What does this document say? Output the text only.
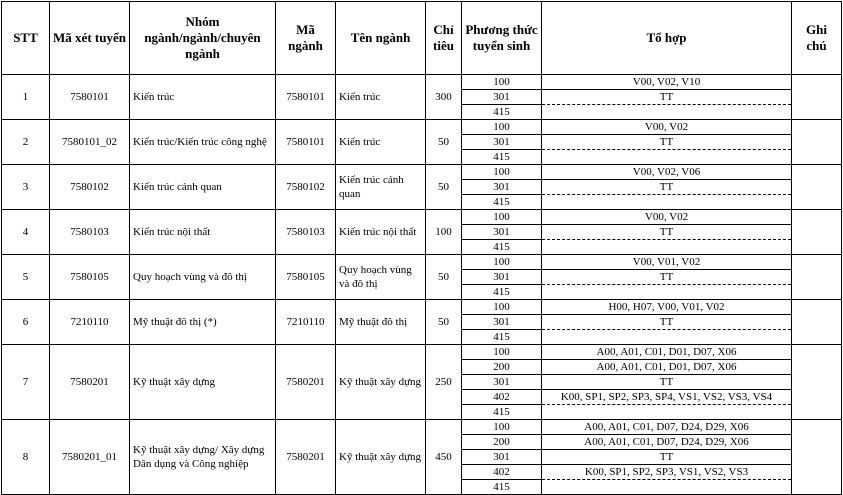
STT	Mã xét tuyển	Nhóm ngành/ngành/chuyên ngành	Mã ngành	Tên ngành	Chỉ tiêu	Phương thức tuyển sinh	Tổ hợp	Ghi chú
1	7580101	Kiến trúc	7580101	Kiến trúc	300	100	V00, V02, V10	
						301	TT	
						415		
2	7580101_02	Kiến trúc/Kiến trúc công nghệ	7580101	Kiến trúc	50	100	V00, V02	
						301	TT	
						415		
3	7580102	Kiến trúc cảnh quan	7580102	Kiến trúc cảnh quan	50	100	V00, V02, V06	
						301	TT	
						415		
4	7580103	Kiến trúc nội thất	7580103	Kiến trúc nội thất	100	100	V00, V02	
						301	TT	
						415		
5	7580105	Quy hoạch vùng và đô thị	7580105	Quy hoạch vùng và đô thị	50	100	V00, V01, V02	
						301	TT	
						415		
6	7210110	Mỹ thuật đô thị (*)	7210110	Mỹ thuật đô thị	50	100	H00, H07, V00, V01, V02	
						301	TT	
						415		
7	7580201	Kỹ thuật xây dựng	7580201	Kỹ thuật xây dựng	250	100	A00, A01, C01, D01, D07, X06	
						200	A00, A01, C01, D01, D07, X06	
						301	TT	
						402	K00, SP1, SP2, SP3, SP4, VS1, VS2, VS3, VS4	
						415		
8	7580201_01	Kỹ thuật xây dựng/ Xây dựng Dân dụng và Công nghiệp	7580201	Kỹ thuật xây dựng	450	100	A00, A01, C01, D07, D24, D29, X06	
						200	A00, A01, C01, D07, D24, D29, X06	
						301	TT	
						402	K00, SP1, SP2, SP3, VS1, VS2, VS3	
						415		
